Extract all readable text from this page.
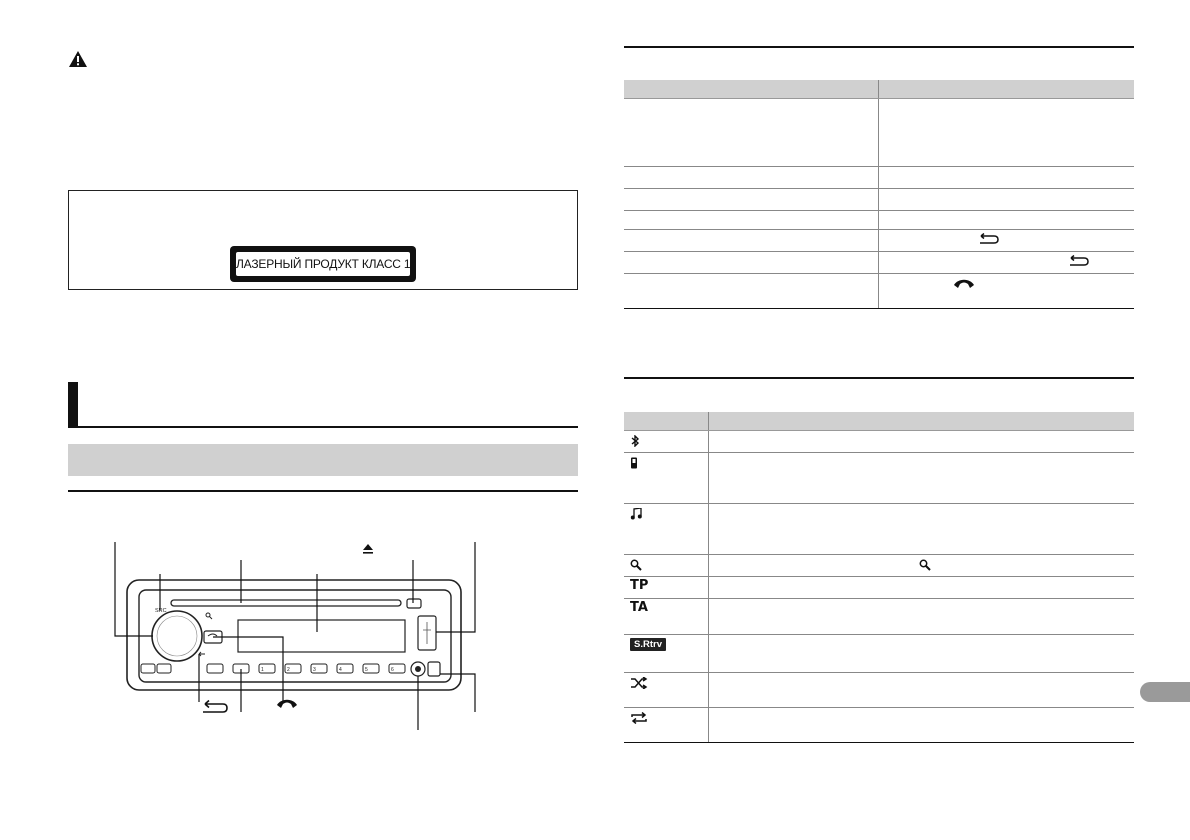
ЛАЗЕРНЫЙ ПРОДУКТ КЛАСС 1
SRC
1	2	3	4	5	6

TP	
TA	
S.Rtrv	
